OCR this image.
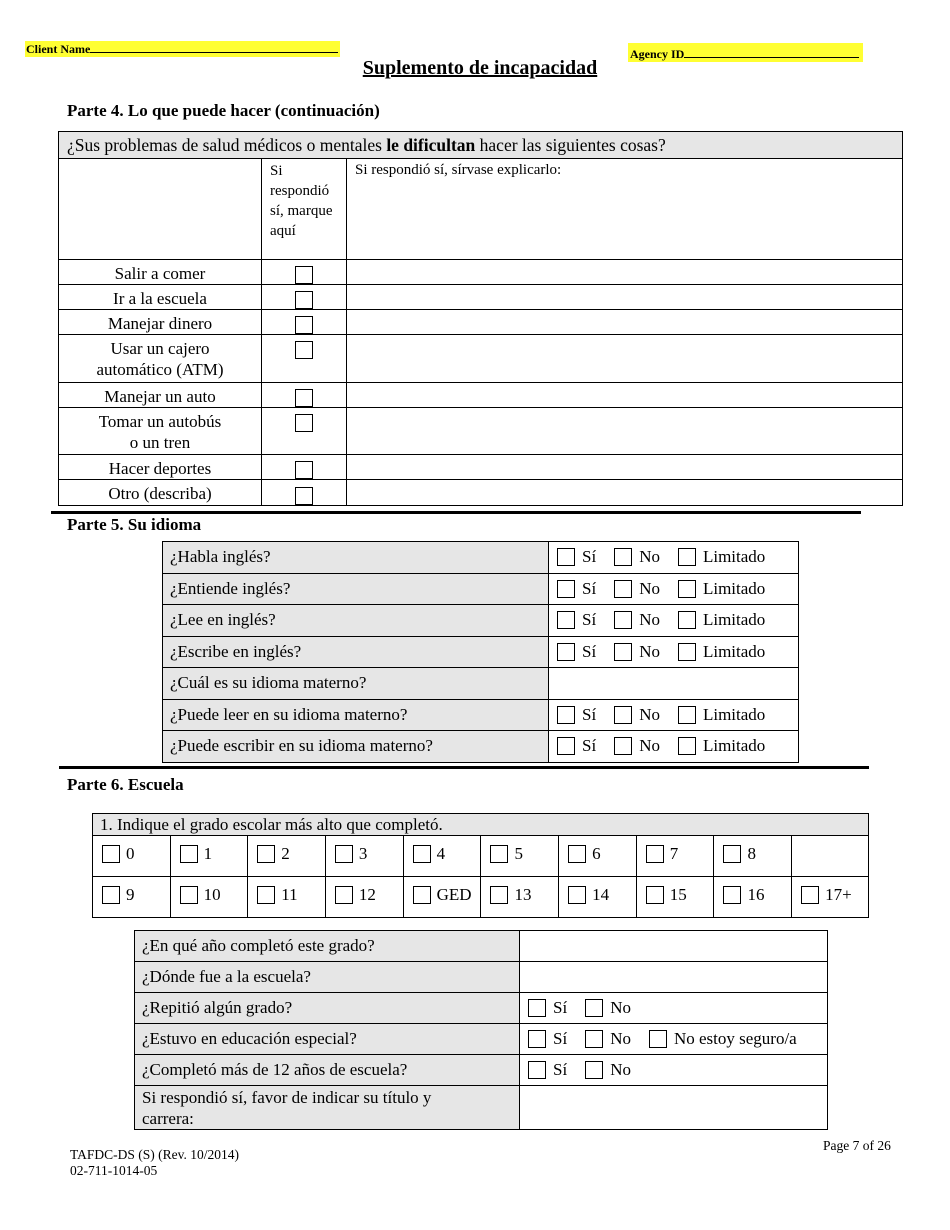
Client Name	Agency ID
Suplemento de incapacidad
Parte 4. Lo que puede hacer (continuación)
¿Sus problemas de salud médicos o mentales le dificultan hacer las siguientes cosas?		
	Si respondió sí, marque aquí	Si respondió sí, sírvase explicarlo:

Salir a comer		

Ir a la escuela		

Manejar dinero		

Usar un cajero
automático (ATM)		

Manejar un auto		

Tomar un autobús
o un tren		

Hacer deportes		

Otro (describa)		

Parte 5. Su idioma
¿Habla inglés?	Sí No Limitado

¿Entiende inglés?	Sí No Limitado

¿Lee en inglés?	Sí No Limitado

¿Escribe en inglés?	Sí No Limitado

¿Cuál es su idioma materno?	
¿Puede leer en su idioma materno?	Sí No Limitado

¿Puede escribir en su idioma materno?	Sí No Limitado
Parte 6. Escuela
1. Indique el grado escolar más alto que completó.									

0	1	2	3	4	5	6	7	8	

9	10	11	12	GED	13	14	15	16	17+
¿En qué año completó este grado?	
¿Dónde fue a la escuela?	
¿Repitió algún grado?	Sí No

¿Estuvo en educación especial?	Sí No No estoy seguro/a

¿Completó más de 12 años de escuela?	Sí No

Si respondió sí, favor de indicar su título y
carrera:	

Page 7 of 26
TAFDC-DS (S) (Rev. 10/2014)
02-711-1014-05
